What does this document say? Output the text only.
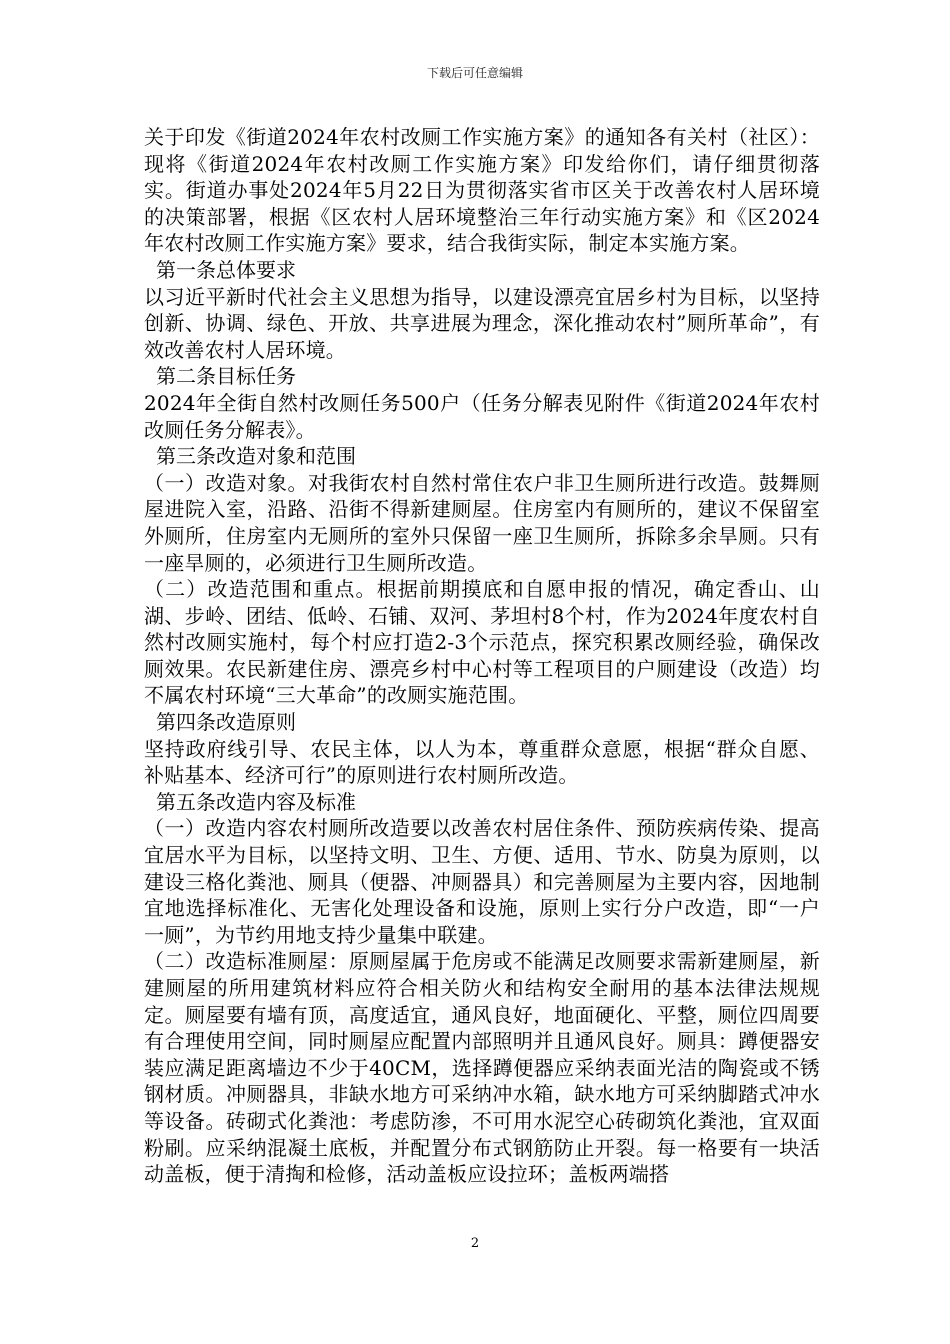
下载后可任意编辑

关于印发《街道2024年农村改厕工作实施方案》的通知各有关村（社区）：现将《街道2024年农村改厕工作实施方案》印发给你们，请仔细贯彻落实。街道办事处2024年5月22日为贯彻落实省市区关于改善农村人居环境的决策部署，根据《区农村人居环境整治三年行动实施方案》和《区2024年农村改厕工作实施方案》要求，结合我街实际，制定本实施方案。

第一条总体要求

以习近平新时代社会主义思想为指导，以建设漂亮宜居乡村为目标，以坚持创新、协调、绿色、开放、共享进展为理念，深化推动农村”厕所革命”，有效改善农村人居环境。

第二条目标任务

2024年全街自然村改厕任务500户（任务分解表见附件《街道2024年农村改厕任务分解表》。

第三条改造对象和范围

（一）改造对象。对我街农村自然村常住农户非卫生厕所进行改造。鼓舞厕屋进院入室，沿路、沿街不得新建厕屋。住房室内有厕所的，建议不保留室外厕所，住房室内无厕所的室外只保留一座卫生厕所，拆除多余旱厕。只有一座旱厕的，必须进行卫生厕所改造。

（二）改造范围和重点。根据前期摸底和自愿申报的情况，确定香山、山湖、步岭、团结、低岭、石铺、双河、茅坦村8个村，作为2024年度农村自然村改厕实施村，每个村应打造2-3个示范点，探究积累改厕经验，确保改厕效果。农民新建住房、漂亮乡村中心村等工程项目的户厕建设（改造）均不属农村环境“三大革命”的改厕实施范围。

第四条改造原则

坚持政府线引导、农民主体，以人为本，尊重群众意愿，根据“群众自愿、补贴基本、经济可行”的原则进行农村厕所改造。

第五条改造内容及标准

（一）改造内容农村厕所改造要以改善农村居住条件、预防疾病传染、提高宜居水平为目标，以坚持文明、卫生、方便、适用、节水、防臭为原则，以建设三格化粪池、厕具（便器、冲厕器具）和完善厕屋为主要内容，因地制宜地选择标准化、无害化处理设备和设施，原则上实行分户改造，即“一户一厕”，为节约用地支持少量集中联建。

（二）改造标准厕屋：原厕屋属于危房或不能满足改厕要求需新建厕屋，新建厕屋的所用建筑材料应符合相关防火和结构安全耐用的基本法律法规规定。厕屋要有墙有顶，高度适宜，通风良好，地面硬化、平整，厕位四周要有合理使用空间，同时厕屋应配置内部照明并且通风良好。厕具：蹲便器安装应满足距离墙边不少于40CM，选择蹲便器应采纳表面光洁的陶瓷或不锈钢材质。冲厕器具，非缺水地方可采纳冲水箱，缺水地方可采纳脚踏式冲水等设备。砖砌式化粪池：考虑防渗，不可用水泥空心砖砌筑化粪池，宜双面粉刷。应采纳混凝土底板，并配置分布式钢筋防止开裂。每一格要有一块活动盖板，便于清掏和检修，活动盖板应设拉环；盖板两端搭

2
